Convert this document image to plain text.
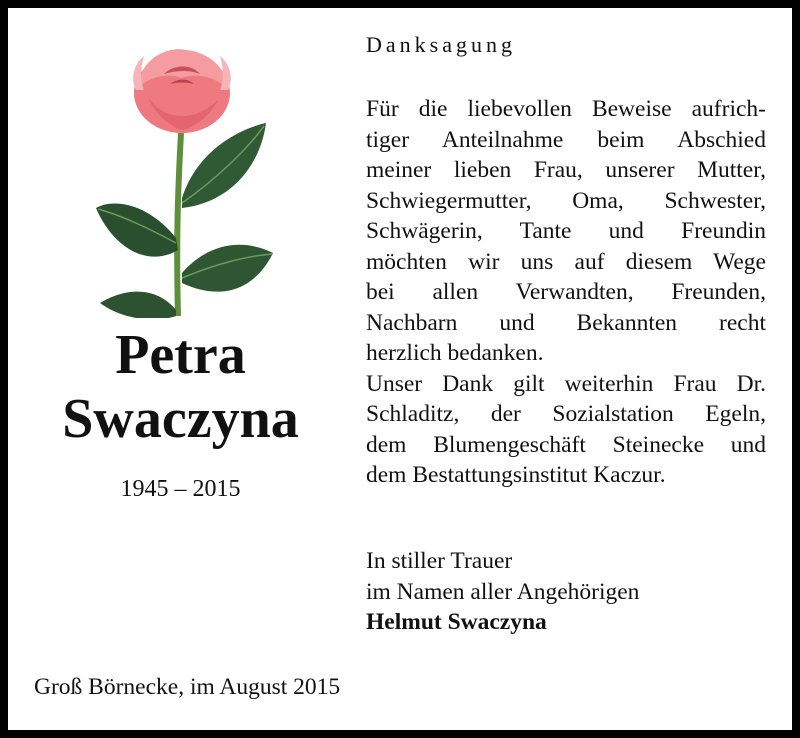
Petra
Swaczyna
1945 – 2015
Danksagung
Für die liebevollen Beweise aufrich-
tiger Anteilnahme beim Abschied
meiner lieben Frau, unserer Mutter,
Schwiegermutter, Oma, Schwester,
Schwägerin, Tante und Freundin
möchten wir uns auf diesem Wege
bei allen Verwandten, Freunden,
Nachbarn und Bekannten recht
herzlich bedanken.
Unser Dank gilt weiterhin Frau Dr.
Schladitz, der Sozialstation Egeln,
dem Blumengeschäft Steinecke und
dem Bestattungsinstitut Kaczur.
In stiller Trauer
im Namen aller Angehörigen
Helmut Swaczyna
Groß Börnecke, im August 2015
